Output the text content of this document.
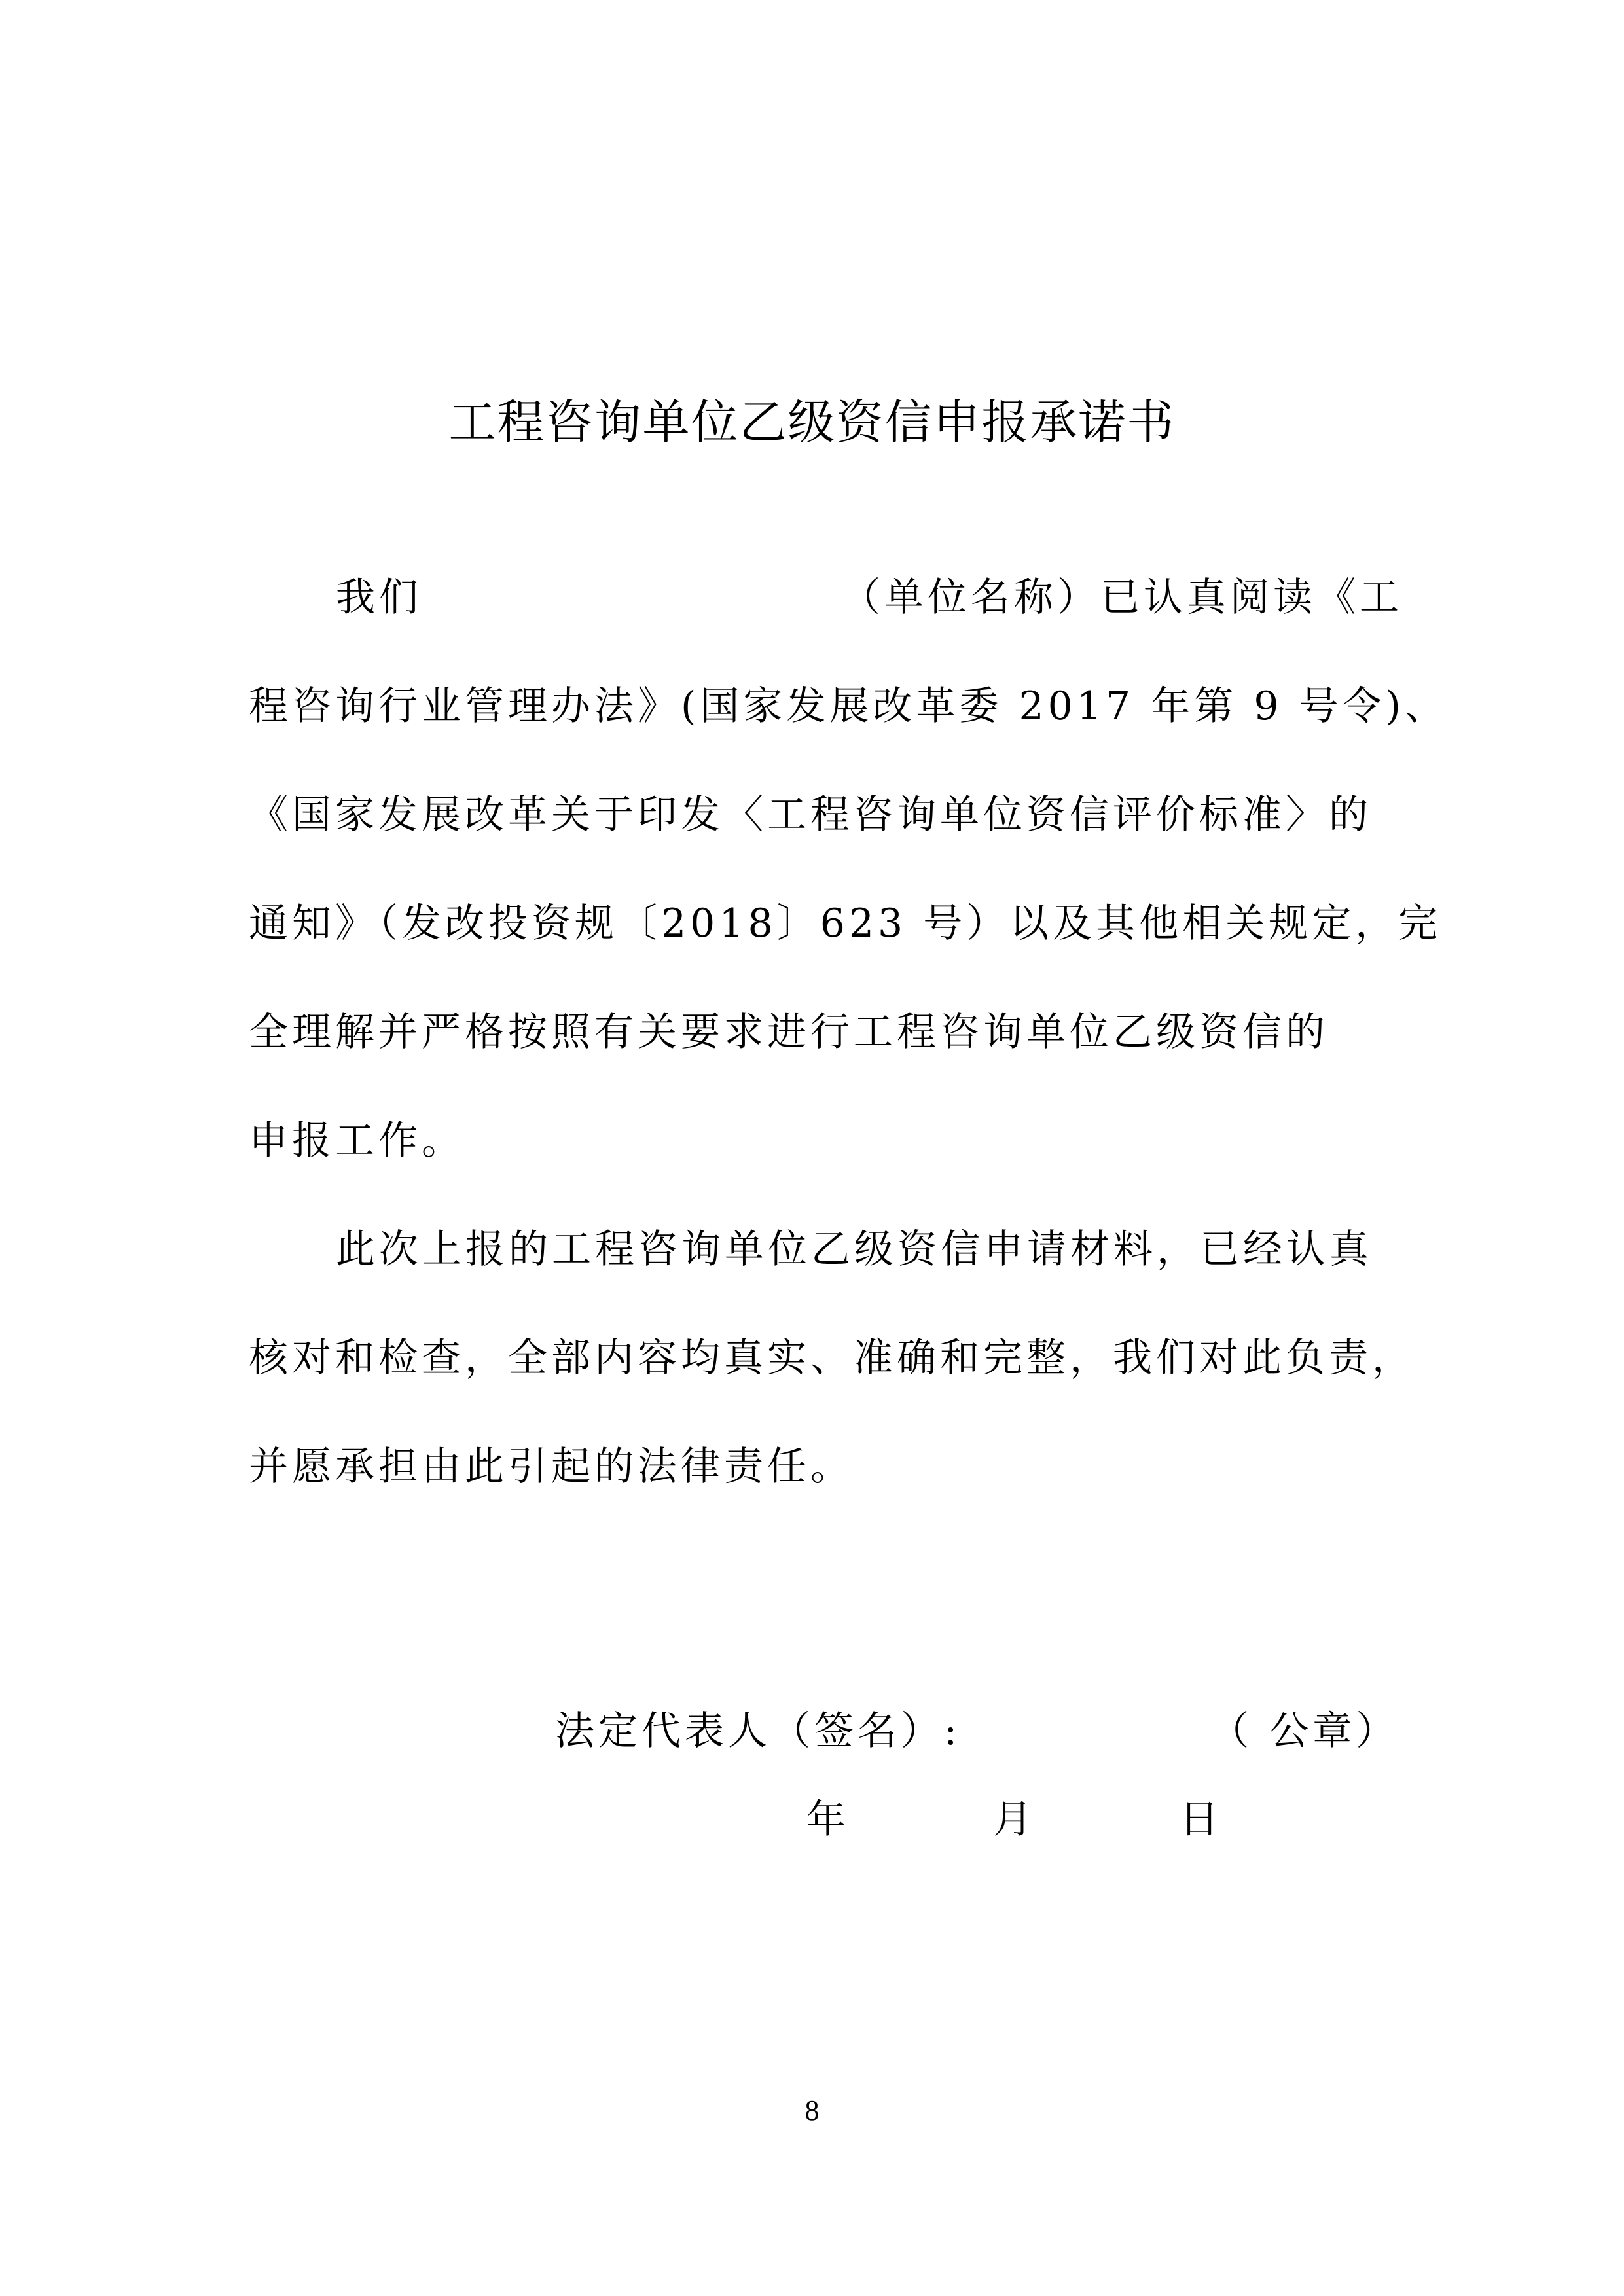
工程咨询单位乙级资信申报承诺书

我们	（单位名称）已认真阅读《工
程咨询行业管理办法》(国家发展改革委 2017 年第 9 号令)、
《国家发展改革关于印发〈工程咨询单位资信评价标准〉的
通知》（发改投资规〔2018〕623 号）以及其他相关规定，完
全理解并严格按照有关要求进行工程咨询单位乙级资信的
申报工作。

此次上报的工程咨询单位乙级资信申请材料，已经认真
核对和检查，全部内容均真实、准确和完整，我们对此负责，
并愿承担由此引起的法律责任。

法定代表人（签名）:	（ 公章）
年	月	日
8
